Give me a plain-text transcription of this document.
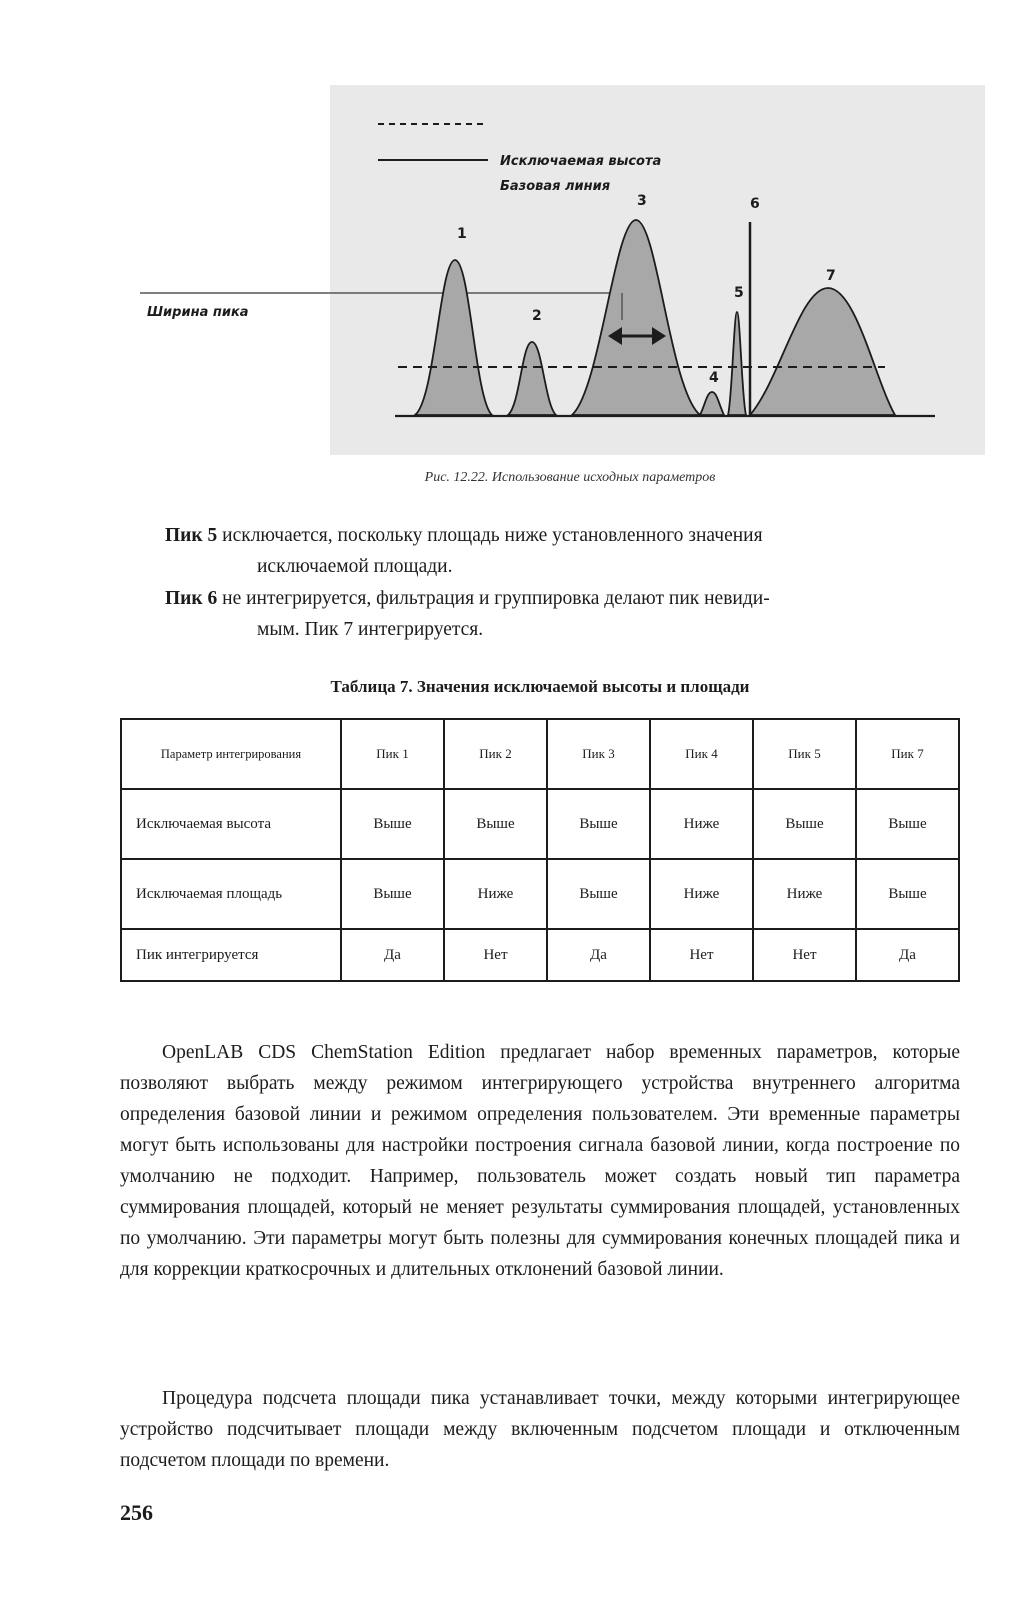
Исключаемая высота
Базовая линия
Ширина пика
1
2
3
4
5
6
7
Рис. 12.22. Использование исходных параметров
Пик 5 исключается, поскольку площадь ниже установленного значения
исключаемой площади.
Пик 6 не интегрируется, фильтрация и группировка делают пик невиди-
мым. Пик 7 интегрируется.
Таблица 7. Значения исключаемой высоты и площади
Параметр интегрирования	Пик 1	Пик 2	Пик 3	Пик 4	Пик 5	Пик 7
Исключаемая высота	Выше	Выше	Выше	Ниже	Выше	Выше
Исключаемая площадь	Выше	Ниже	Выше	Ниже	Ниже	Выше
Пик интегрируется	Да	Нет	Да	Нет	Нет	Да

OpenLAB CDS ChemStation Edition предлагает набор временных параметров, которые позволяют выбрать между режимом интегрирующего устройства внутреннего алгоритма определения базовой линии и режимом определения пользователем. Эти временные параметры могут быть использованы для настройки построения сигнала базовой линии, когда построение по умолчанию не подходит. Например, пользователь может создать новый тип параметра суммирования площадей, который не меняет результаты суммирования площадей, установленных по умолчанию. Эти параметры могут быть полезны для суммирования конечных площадей пика и для коррекции краткосрочных и длительных отклонений базовой линии.

Процедура подсчета площади пика устанавливает точки, между которыми интегрирующее устройство подсчитывает площади между включенным подсчетом площади и отключенным подсчетом площади по времени.

256
